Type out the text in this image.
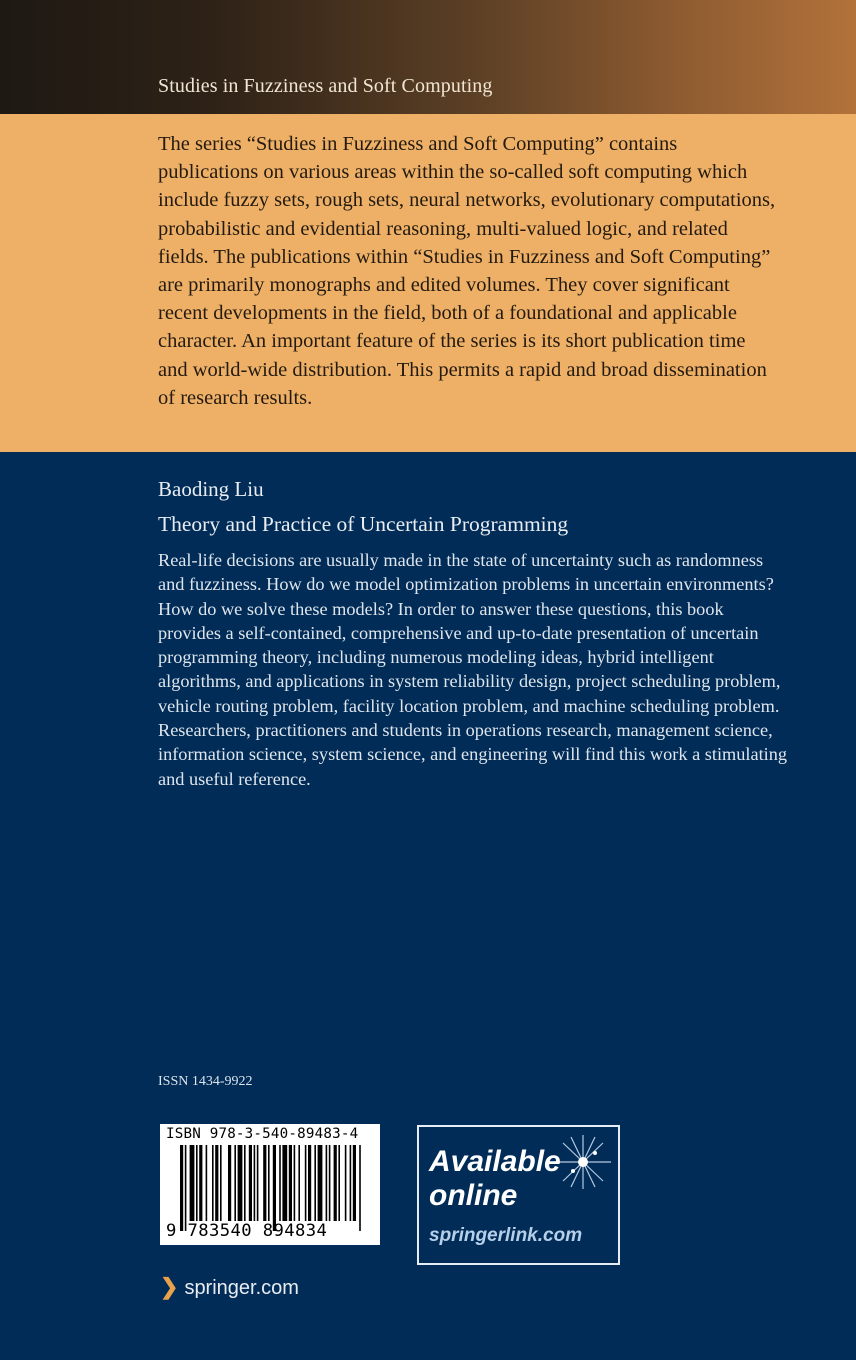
Studies in Fuzziness and Soft Computing

The series “Studies in Fuzziness and Soft Computing” contains publications on various areas within the so-called soft computing which include fuzzy sets, rough sets, neural networks, evolutionary computations, probabilistic and evidential reasoning, multi-valued logic, and related fields. The publications within “Studies in Fuzziness and Soft Computing” are primarily monographs and edited volumes. They cover significant recent developments in the field, both of a foundational and applicable character. An important feature of the series is its short publication time and world-wide distribution. This permits a rapid and broad dissemination of research results.

Baoding Liu
Theory and Practice of Uncertain Programming

Real-life decisions are usually made in the state of uncertainty such as randomness and fuzziness. How do we model optimization problems in uncertain environments? How do we solve these models? In order to answer these questions, this book provides a self-contained, comprehensive and up-to-date presentation of uncertain programming theory, including numerous modeling ideas, hybrid intelligent algorithms, and applications in system reliability design, project scheduling problem, vehicle routing problem, facility location problem, and machine scheduling problem. Researchers, practitioners and students in operations research, management science, information science, system science, and engineering will find this work a stimulating and useful reference.

ISSN 1434-9922
ISBN 978-3-540-89483-4
9 783540 894834
Available
online
springerlink.com
❯ springer.com
